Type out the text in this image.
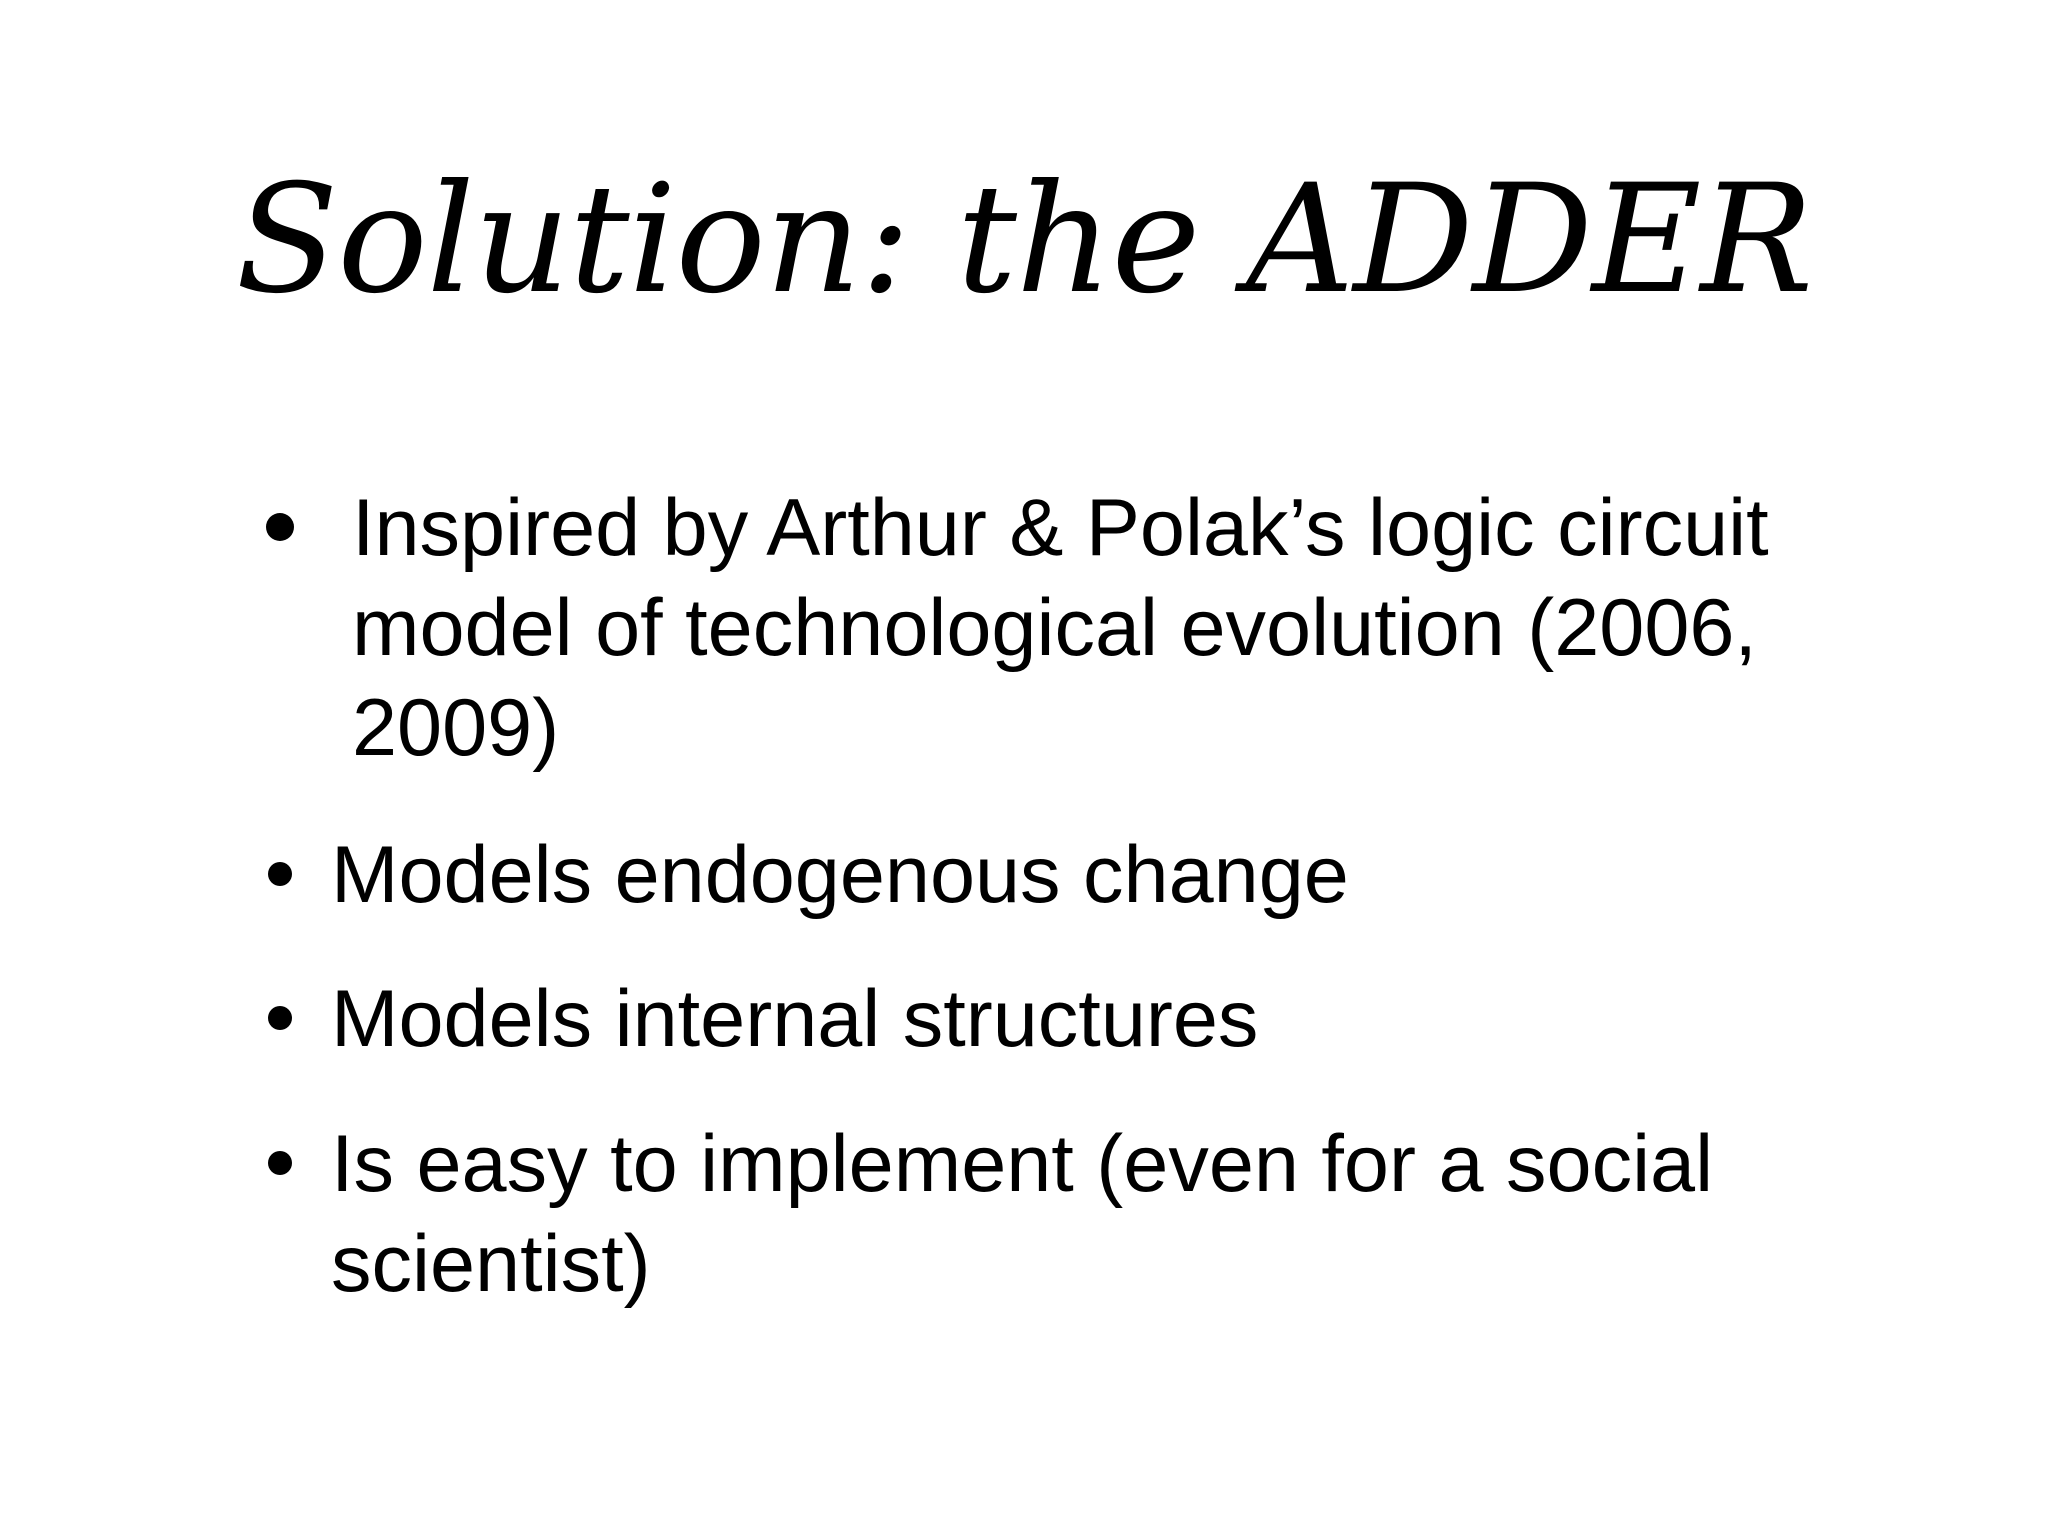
Solution: the ADDER
Inspired by Arthur & Polak’s logic circuit
model of technological evolution (2006,
2009)
Models endogenous change
Models internal structures
Is easy to implement (even for a social
scientist)
